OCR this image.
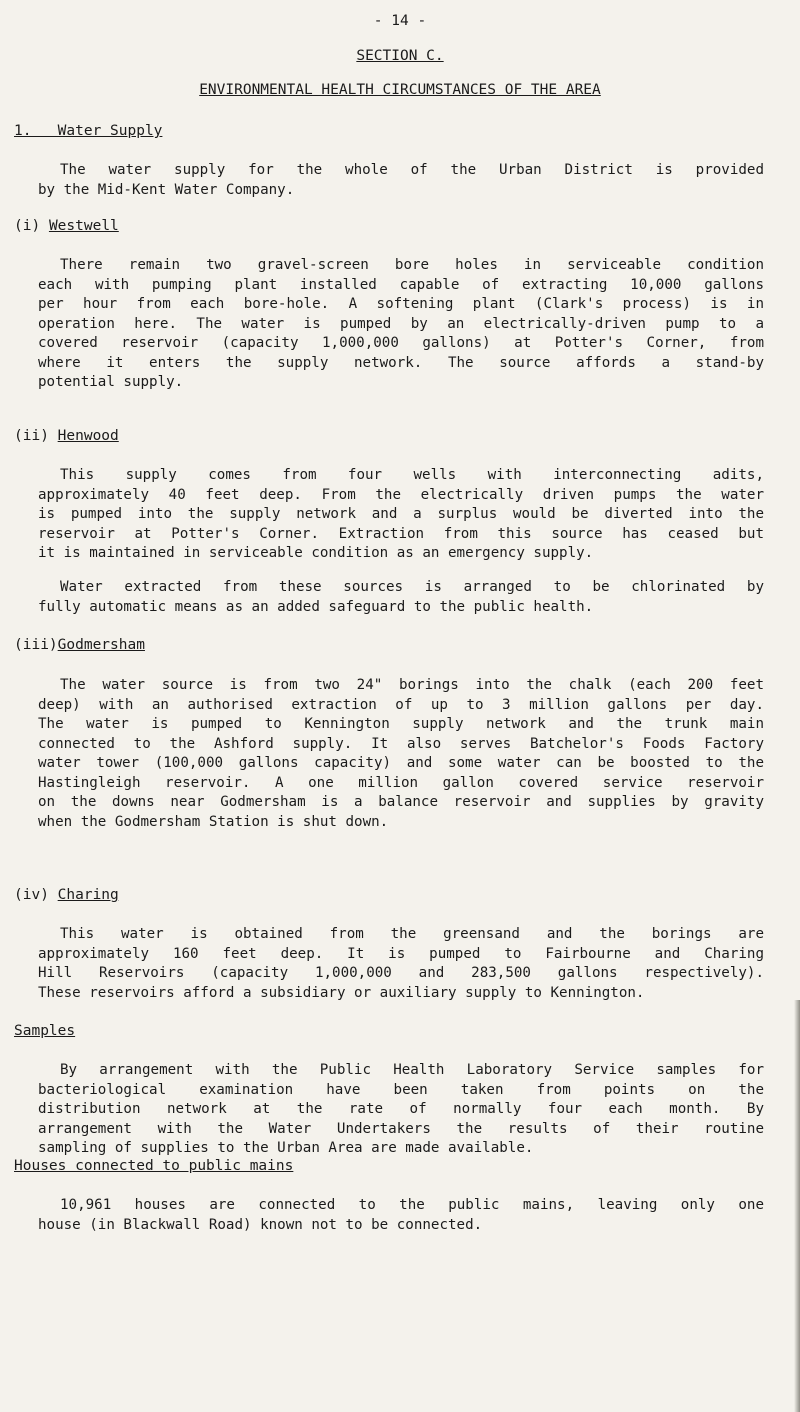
- 14 -
SECTION C.
ENVIRONMENTAL HEALTH CIRCUMSTANCES OF THE AREA
1.   Water Supply
The water supply for the whole of the Urban District is provided
by the Mid-Kent Water Company.
(i) Westwell
There remain two gravel-screen bore holes in serviceable condition
each with pumping plant installed capable of extracting 10,000 gallons
per hour from each bore-hole. A softening plant (Clark's process) is in
operation here. The water is pumped by an electrically-driven pump to a
covered reservoir (capacity 1,000,000 gallons) at Potter's Corner, from
where it enters the supply network. The source affords a stand-by
potential supply.
(ii) Henwood
This supply comes from four wells with interconnecting adits,
approximately 40 feet deep. From the electrically driven pumps the water
is pumped into the supply network and a surplus would be diverted into the
reservoir at Potter's Corner. Extraction from this source has ceased but
it is maintained in serviceable condition as an emergency supply.
Water extracted from these sources is arranged to be chlorinated by
fully automatic means as an added safeguard to the public health.
(iii)Godmersham
The water source is from two 24" borings into the chalk (each 200 feet
deep) with an authorised extraction of up to 3 million gallons per day.
The water is pumped to Kennington supply network and the trunk main
connected to the Ashford supply. It also serves Batchelor's Foods Factory
water tower (100,000 gallons capacity) and some water can be boosted to the
Hastingleigh reservoir. A one million gallon covered service reservoir
on the downs near Godmersham is a balance reservoir and supplies by gravity
when the Godmersham Station is shut down.
(iv) Charing
This water is obtained from the greensand and the borings are
approximately 160 feet deep. It is pumped to Fairbourne and Charing
Hill Reservoirs (capacity 1,000,000 and 283,500 gallons respectively).
These reservoirs afford a subsidiary or auxiliary supply to Kennington.
Samples
By arrangement with the Public Health Laboratory Service samples for
bacteriological examination have been taken from points on the
distribution network at the rate of normally four each month. By
arrangement with the Water Undertakers the results of their routine
sampling of supplies to the Urban Area are made available.
Houses connected to public mains
10,961 houses are connected to the public mains, leaving only one
house (in Blackwall Road) known not to be connected.
